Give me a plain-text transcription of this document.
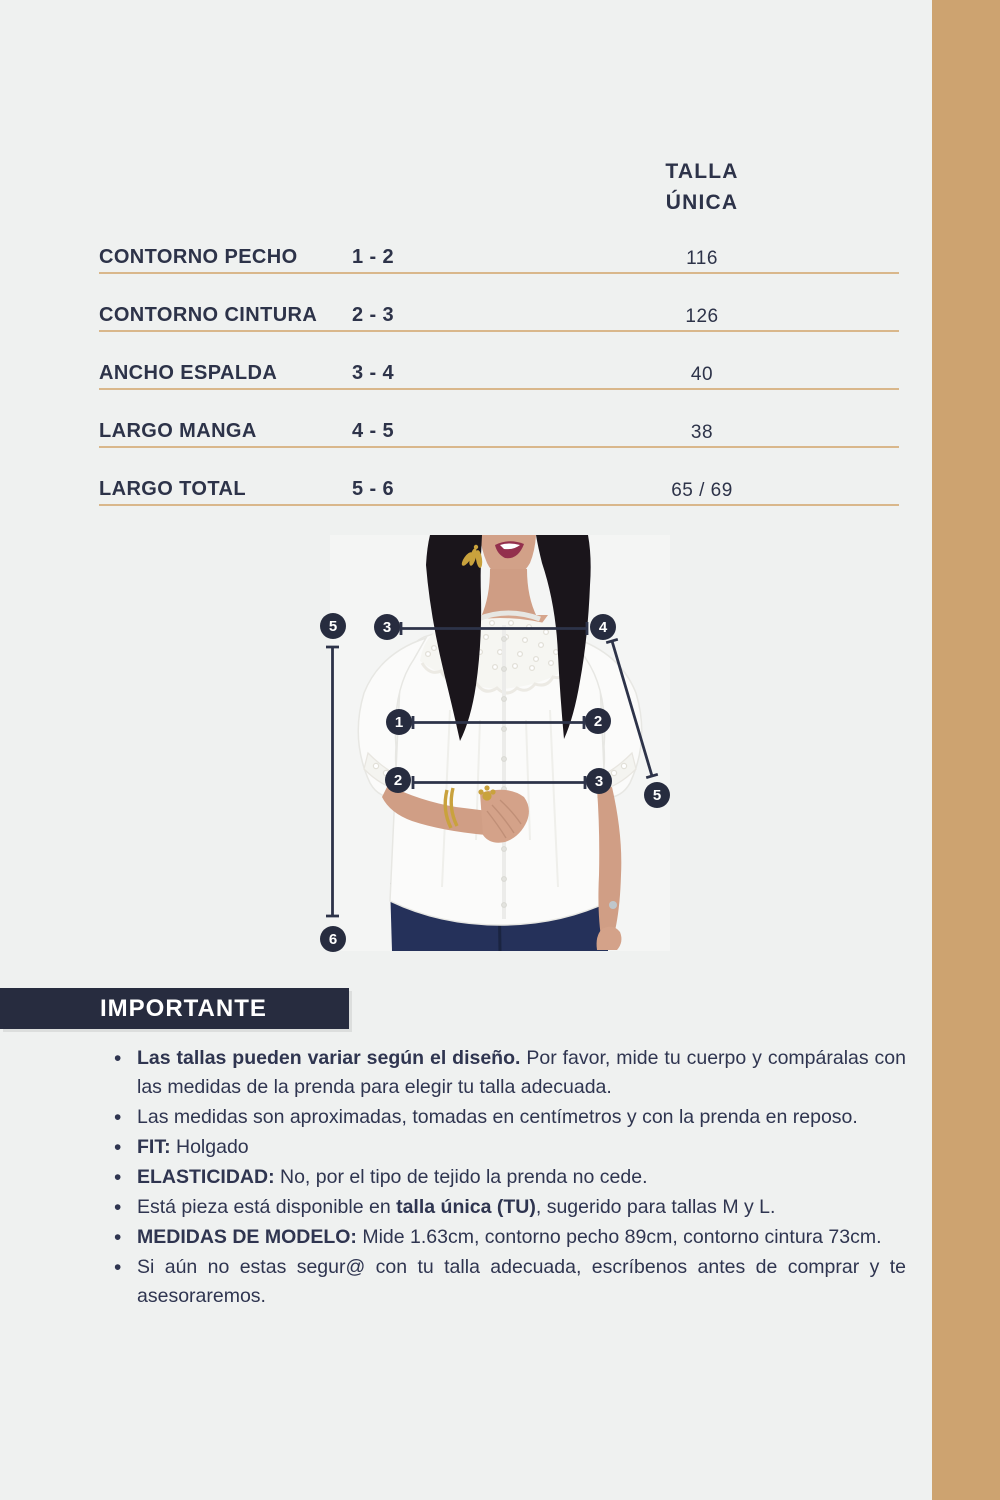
TALLA
ÚNICA
CONTORNO PECHO	1 - 2	116
CONTORNO CINTURA 2 - 3	126
ANCHO ESPALDA	3 - 4	40
LARGO MANGA	4 - 5	38
LARGO TOTAL	5 - 6	65 / 69
5	3	4
1	2
2	3
5
6
IMPORTANTE
• Las tallas pueden variar según el diseño. Por favor, mide tu cuerpo y compáralas con las medidas de la prenda para elegir tu talla adecuada.
• Las medidas son aproximadas, tomadas en centímetros y con la prenda en reposo.
• FIT: Holgado
• ELASTICIDAD: No, por el tipo de tejido la prenda no cede.
• Está pieza está disponible en talla única (TU), sugerido para tallas M y L.
• MEDIDAS DE MODELO: Mide 1.63cm, contorno pecho 89cm, contorno cintura 73cm.
• Si aún no estas segur@ con tu talla adecuada, escríbenos antes de comprar y te asesoraremos.
